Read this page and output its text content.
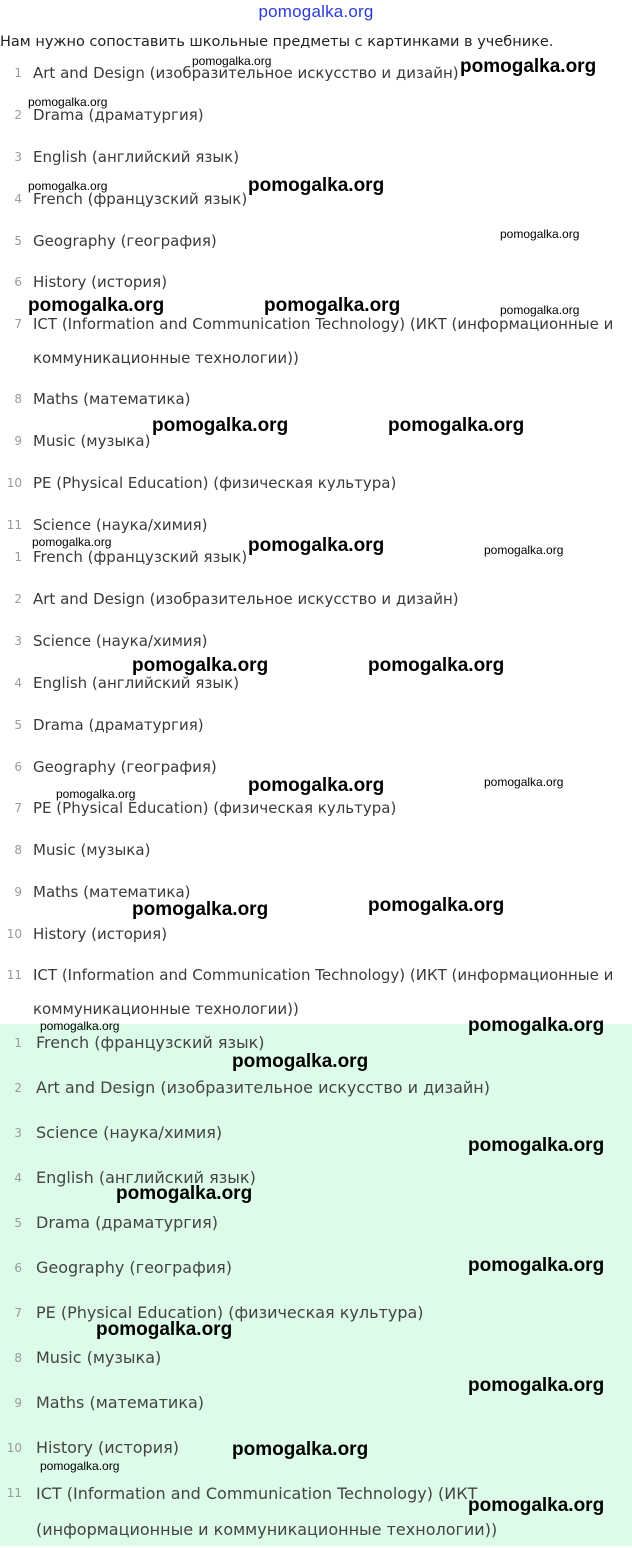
pomogalka.org
Нам нужно сопоставить школьные предметы с картинками в учебнике.
1 Art and Design (изобразительное искусство и дизайн)
2 Drama (драматургия)
3 English (английский язык)
4 French (французский язык)
5 Geography (география)
6 History (история)
7 ICT (Information and Communication Technology) (ИКТ (информационные и коммуникационные технологии))
8 Maths (математика)
9 Music (музыка)
10 PE (Physical Education) (физическая культура)
11 Science (наука/химия)
1 French (французский язык)
2 Art and Design (изобразительное искусство и дизайн)
3 Science (наука/химия)
4 English (английский язык)
5 Drama (драматургия)
6 Geography (география)
7 PE (Physical Education) (физическая культура)
8 Music (музыка)
9 Maths (математика)
10 History (история)
11 ICT (Information and Communication Technology) (ИКТ (информационные и коммуникационные технологии))
1 French (французский язык)
2 Art and Design (изобразительное искусство и дизайн)
3 Science (наука/химия)
4 English (английский язык)
5 Drama (драматургия)
6 Geography (география)
7 PE (Physical Education) (физическая культура)
8 Music (музыка)
9 Maths (математика)
10 History (история)
11 ICT (Information and Communication Technology) (ИКТ (информационные и коммуникационные технологии))
pomogalka.org	pomogalka.org
pomogalka.org
pomogalka.org	pomogalka.org
pomogalka.org
pomogalka.org	pomogalka.org	pomogalka.org
pomogalka.org	pomogalka.org
pomogalka.org	pomogalka.org	pomogalka.org
pomogalka.org	pomogalka.org
pomogalka.org	pomogalka.org
pomogalka.org
pomogalka.org	pomogalka.org
pomogalka.org	pomogalka.org
pomogalka.org
pomogalka.org
pomogalka.org
pomogalka.org
pomogalka.org
pomogalka.org
pomogalka.org
pomogalka.org
pomogalka.org
